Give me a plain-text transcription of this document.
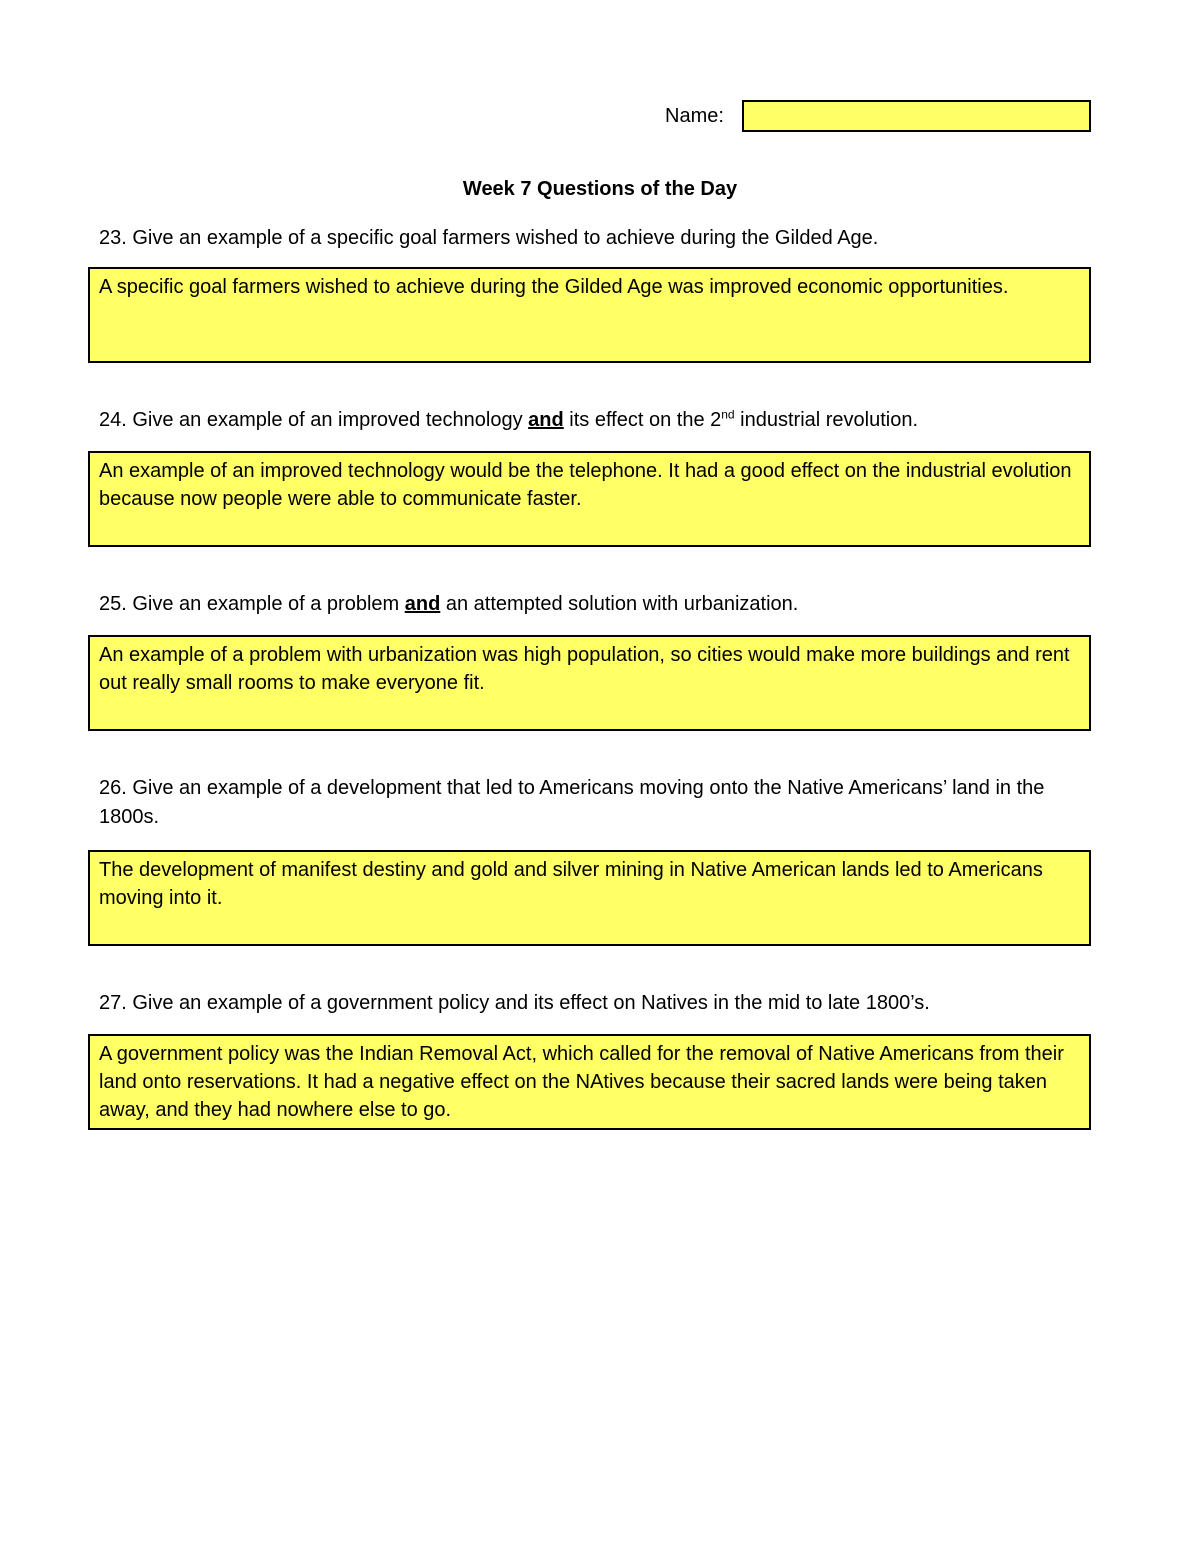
Name:
Week 7 Questions of the Day
23. Give an example of a specific goal farmers wished to achieve during the Gilded Age.
A specific goal farmers wished to achieve during the Gilded Age was improved economic opportunities.
24. Give an example of an improved technology and its effect on the 2nd industrial revolution.
An example of an improved technology would be the telephone. It had a good effect on the industrial evolution because now people were able to communicate faster.
25. Give an example of a problem and an attempted solution with urbanization.
An example of a problem with urbanization was high population, so cities would make more buildings and rent out really small rooms to make everyone fit.
26. Give an example of a development that led to Americans moving onto the Native Americans’ land in the 1800s.
The development of manifest destiny and gold and silver mining in Native American lands led to Americans moving into it.
27. Give an example of a government policy and its effect on Natives in the mid to late 1800’s.
A government policy was the Indian Removal Act, which called for the removal of Native Americans from their land onto reservations. It had a negative effect on the NAtives because their sacred lands were being taken away, and they had nowhere else to go.
